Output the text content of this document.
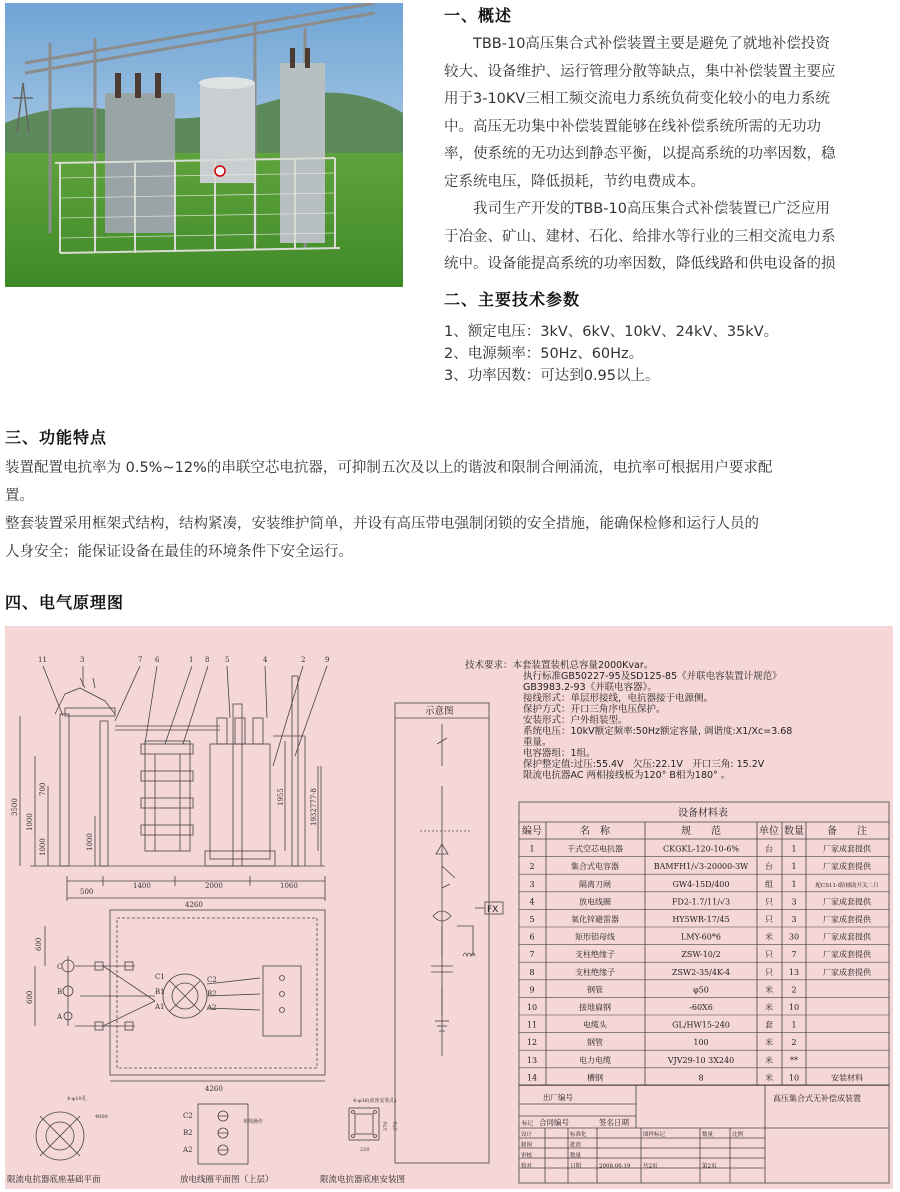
一、概述
TBB-10高压集合式补偿装置主要是避免了就地补偿投资
较大、设备维护、运行管理分散等缺点，集中补偿装置主要应
用于3-10KV三相工频交流电力系统负荷变化较小的电力系统
中。高压无功集中补偿装置能够在线补偿系统所需的无功功
率，使系统的无功达到静态平衡，以提高系统的功率因数，稳
定系统电压，降低损耗，节约电费成本。
我司生产开发的TBB-10高压集合式补偿装置已广泛应用
于冶金、矿山、建材、石化、给排水等行业的三相交流电力系
统中。设备能提高系统的功率因数，降低线路和供电设备的损
二、主要技术参数
1、额定电压：3kV、6kV、10kV、24kV、35kV。
2、电源频率：50Hz、60Hz。
3、功率因数：可达到0.95以上。
三、功能特点
装置配置电抗率为 0.5%~12%的串联空芯电抗器，可抑制五次及以上的谐波和限制合闸涌流，电抗率可根据用户要求配
置。
整套装置采用框架式结构，结构紧凑，安装维护简单，并设有高压带电强制闭锁的安全措施，能确保检修和运行人员的
人身安全；能保证设备在最佳的环境条件下安全运行。
四、电气原理图
11	3	7 6	1 8 5	4	2	9
500
1400	2000	1060
4260
3500
1000
700
1000	1000
1955	1932777-8
C
B
A
C1
B1
A1
C2
B2
A2
600
600
4260
4-φ10孔
4000
4-φ36(底座安装孔)
270 370
220
C2
B2
A2
单线操作
限流电抗器底座基础平面	放电线圈平面图（上层）	限流电抗器底座安装图
技术要求：本套装置装机总容量2000Kvar。
执行标准GB50227-95及SD125-85《并联电容装置计规范》
GB3983.2-93《并联电容器》。
接线形式：单层形接线，电抗器接于电源侧。
保护方式：开口三角序电压保护。
安装形式：户外组装型。
系统电压：10kV额定频率:50Hz额定容量, 调谐度:X1/Xc=3.68
重量。
电容器组：1组。
保护整定值:过压:55.4V　欠压:22.1V　开口三角: 15.2V
限流电抗器AC 两相接线板为120° B相为180° 。
示意图
FX
设备材料表
编号	名　称	规　　范	单位 数量 备　　注
1	干式空芯电抗器	CKGKL-120-10-6%	台 1	厂家成套提供
2	集合式电容器	BAMFH1/√3-20000-3W 台 1	厂家成套提供
3	隔离刀闸	GW4-15D/400	组 1	配CS11-I防辅助开关二只
4	放电线圈	FD2-1.7/11/√3	只 3	厂家成套提供
5	氧化锌避雷器	HY5WR-17/45	只 3	厂家成套提供
6	矩形铝母线	LMY-60*6	米 30	厂家成套提供
7	支柱绝缘子	ZSW-10/2	只 7	厂家成套提供
8	支柱绝缘子	ZSW2-35/4K-4	只 13	厂家成套提供
9	钢管	φ50	米 2
10	接地扁钢	-60X6	米 10
11	电缆头	GL/HW15-240	套 1
12	钢管	100	米 2
13	电力电缆	VJV29-10 3X240	米 **
14	槽钢	8	米 10	安装材料
出厂编号
合同编号	签名日期
标记
高压集合式无补偿成装置
设计	标准化	图样标记	数量	比例
制图	批准
审核	数量
校对	日期	2008.06.19 共2页	第2页
